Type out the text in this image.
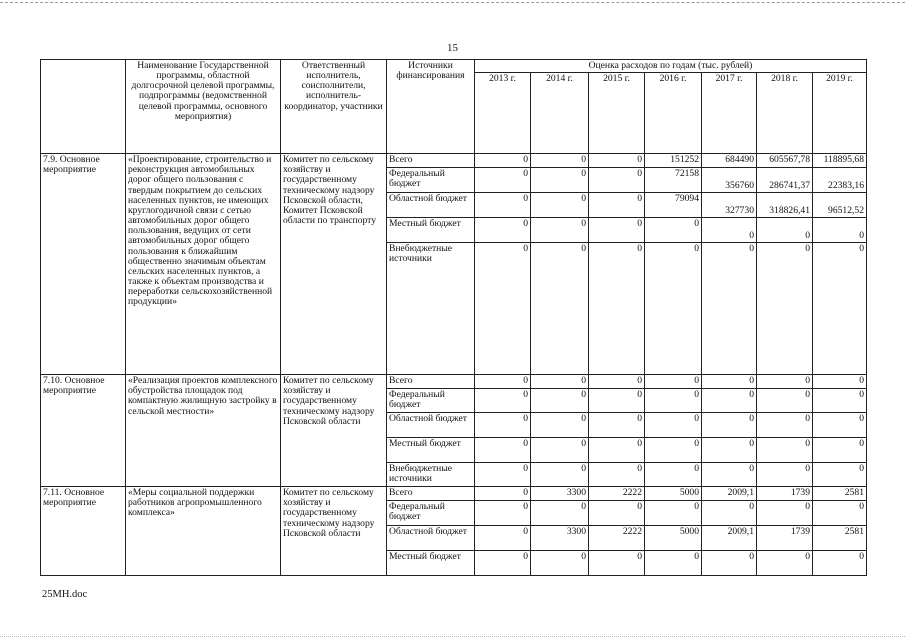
15
	Наименование Государственной программы, областной долгосрочной целевой программы, подпрограммы (ведомственной целевой программы, основного мероприятия)	Ответственный исполнитель, соисполнители, исполнитель-координатор, участники	Источники финансирования	Оценка расходов по годам (тыс. рублей)						
				2013 г.	2014 г.	2015 г.	2016 г.	2017 г.	2018 г.	2019 г.
7.9. Основное мероприятие	«Проектирование, строительство и реконструкция автомобильных дорог общего пользования с твердым покрытием до сельских населенных пунктов, не имеющих круглогодичной связи с сетью автомобильных дорог общего пользования, ведущих от сети автомобильных дорог общего пользования к ближайшим общественно значимым объектам сельских населенных пунктов, а также к объектам производства и переработки сельскохозяйственной продукции»	Комитет по сельскому хозяйству и государственному техническому надзору Псковской области, Комитет Псковской области по транспорту	Всего	0	0	0	151252	684490	605567,78	118895,68
			Федеральный бюджет	0	0	0	72158	356760	286741,37	22383,16
			Областной бюджет	0	0	0	79094	327730	318826,41	96512,52
			Местный бюджет	0	0	0	0	0	0	0
			Внебюджетные источники	0	0	0	0	0	0	0
7.10. Основное мероприятие	«Реализация проектов комплексного обустройства площадок под компактную жилищную застройку в сельской местности»	Комитет по сельскому хозяйству и государственному техническому надзору Псковской области	Всего	0	0	0	0	0	0	0
			Федеральный бюджет	0	0	0	0	0	0	0
			Областной бюджет	0	0	0	0	0	0	0
			Местный бюджет	0	0	0	0	0	0	0
			Внебюджетные источники	0	0	0	0	0	0	0
7.11. Основное мероприятие	«Меры социальной поддержки работников агропромышленного комплекса»	Комитет по сельскому хозяйству и государственному техническому надзору Псковской области	Всего	0	3300	2222	5000	2009,1	1739	2581
			Федеральный бюджет	0	0	0	0	0	0	0
			Областной бюджет	0	3300	2222	5000	2009,1	1739	2581
			Местный бюджет	0	0	0	0	0	0	0
25МН.doc
